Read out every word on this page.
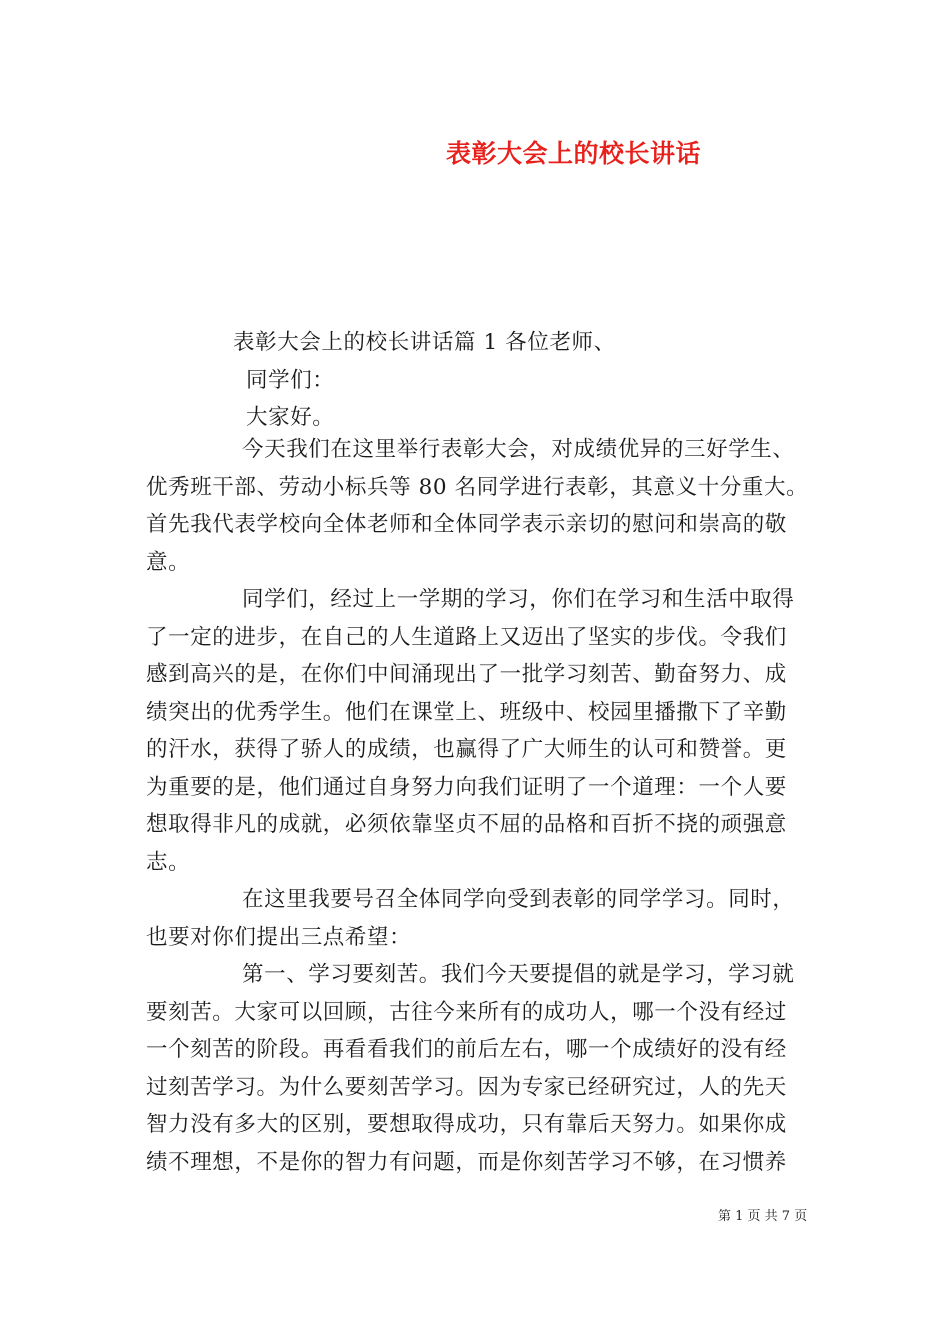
表彰大会上的校长讲话

表彰大会上的校长讲话篇 1 各位老师、

同学们：

大家好。

今天我们在这里举行表彰大会，对成绩优异的三好学生、
优秀班干部、劳动小标兵等 80 名同学进行表彰，其意义十分重大。
首先我代表学校向全体老师和全体同学表示亲切的慰问和崇高的敬
意。
同学们，经过上一学期的学习，你们在学习和生活中取得
了一定的进步，在自己的人生道路上又迈出了坚实的步伐。令我们
感到高兴的是，在你们中间涌现出了一批学习刻苦、勤奋努力、成
绩突出的优秀学生。他们在课堂上、班级中、校园里播撒下了辛勤
的汗水，获得了骄人的成绩，也赢得了广大师生的认可和赞誉。更
为重要的是，他们通过自身努力向我们证明了一个道理：一个人要
想取得非凡的成就，必须依靠坚贞不屈的品格和百折不挠的顽强意
志。
在这里我要号召全体同学向受到表彰的同学学习。同时，
也要对你们提出三点希望：
第一、学习要刻苦。我们今天要提倡的就是学习，学习就
要刻苦。大家可以回顾，古往今来所有的成功人，哪一个没有经过
一个刻苦的阶段。再看看我们的前后左右，哪一个成绩好的没有经
过刻苦学习。为什么要刻苦学习。因为专家已经研究过，人的先天
智力没有多大的区别，要想取得成功，只有靠后天努力。如果你成
绩不理想，不是你的智力有问题，而是你刻苦学习不够，在习惯养

第 1 页 共 7 页
